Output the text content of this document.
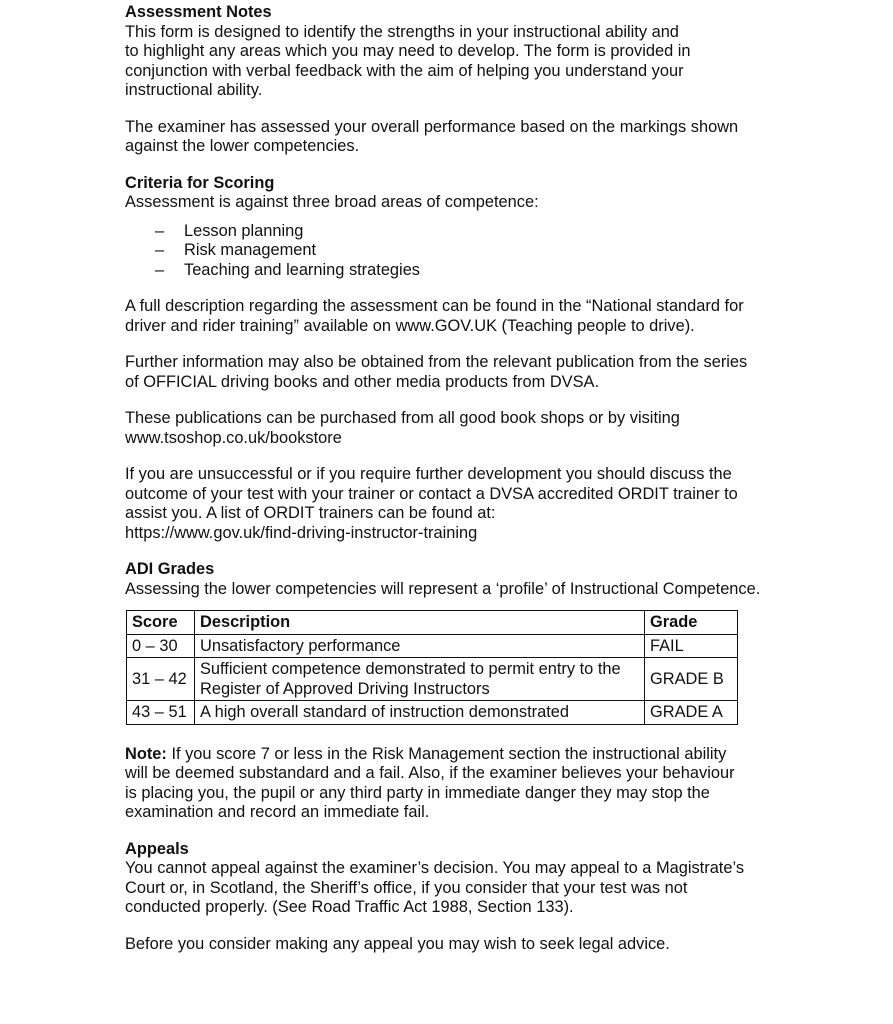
Assessment Notes

This form is designed to identify the strengths in your instructional ability and
to highlight any areas which you may need to develop. The form is provided in
conjunction with verbal feedback with the aim of helping you understand your
instructional ability.

The examiner has assessed your overall performance based on the markings shown
against the lower competencies.

Criteria for Scoring

Assessment is against three broad areas of competence:

– Lesson planning
– Risk management
– Teaching and learning strategies

A full description regarding the assessment can be found in the “National standard for
driver and rider training” available on www.GOV.UK (Teaching people to drive).

Further information may also be obtained from the relevant publication from the series
of OFFICIAL driving books and other media products from DVSA.

These publications can be purchased from all good book shops or by visiting
www.tsoshop.co.uk/bookstore

If you are unsuccessful or if you require further development you should discuss the
outcome of your test with your trainer or contact a DVSA accredited ORDIT trainer to
assist you. A list of ORDIT trainers can be found at:
https://www.gov.uk/find-driving-instructor-training

ADI Grades

Assessing the lower competencies will represent a ‘profile’ of Instructional Competence.

Score	Description	Grade
0 – 30	Unsatisfactory performance	FAIL
31 – 42	Sufficient competence demonstrated to permit entry to the
Register of Approved Driving Instructors	GRADE B
43 – 51	A high overall standard of instruction demonstrated	GRADE A

Note: If you score 7 or less in the Risk Management section the instructional ability
will be deemed substandard and a fail. Also, if the examiner believes your behaviour
is placing you, the pupil or any third party in immediate danger they may stop the
examination and record an immediate fail.

Appeals

You cannot appeal against the examiner’s decision. You may appeal to a Magistrate’s
Court or, in Scotland, the Sheriff’s office, if you consider that your test was not
conducted properly. (See Road Traffic Act 1988, Section 133).

Before you consider making any appeal you may wish to seek legal advice.
